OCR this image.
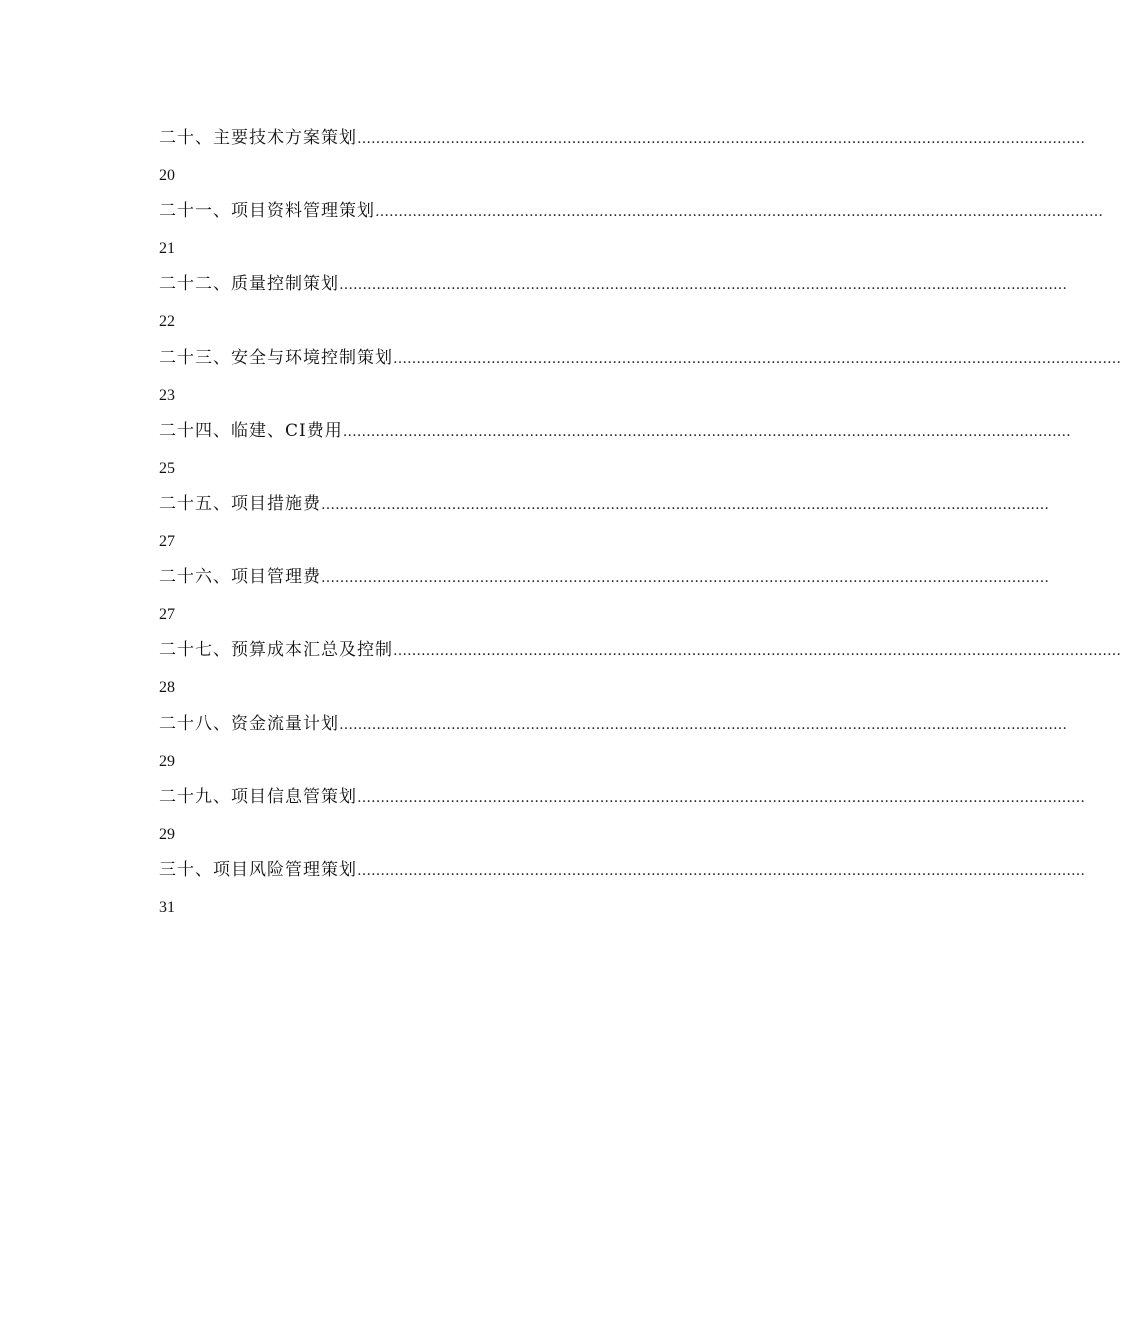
二十、主要技术方案策划 …………………………………………………………………………………………………………………………………………
20
二十一、项目资料管理策划 …………………………………………………………………………………………………………………………………………
21
二十二、质量控制策划 …………………………………………………………………………………………………………………………………………
22
二十三、安全与环境控制策划 …………………………………………………………………………………………………………………………………………
23
二十四、临建、CI费用 …………………………………………………………………………………………………………………………………………
25
二十五、项目措施费 …………………………………………………………………………………………………………………………………………
27
二十六、项目管理费 …………………………………………………………………………………………………………………………………………
27
二十七、预算成本汇总及控制 …………………………………………………………………………………………………………………………………………
28
二十八、资金流量计划 …………………………………………………………………………………………………………………………………………
29
二十九、项目信息管策划 …………………………………………………………………………………………………………………………………………
29
三十、项目风险管理策划 …………………………………………………………………………………………………………………………………………
31
